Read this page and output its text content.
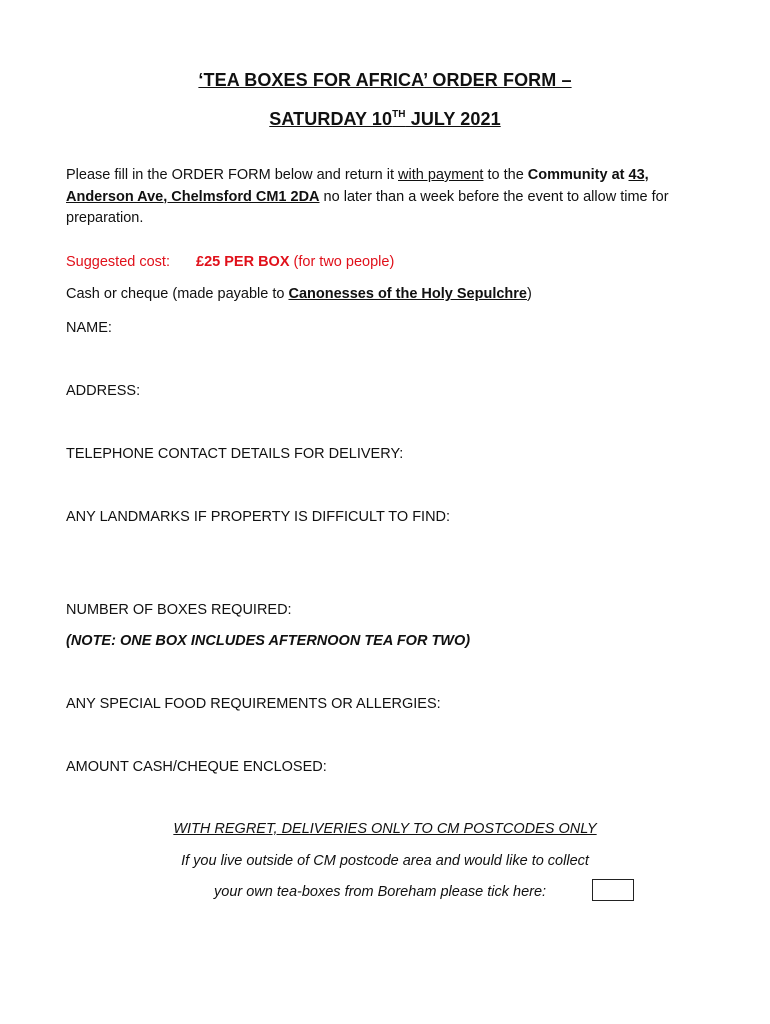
‘TEA BOXES FOR AFRICA’ ORDER FORM –
SATURDAY 10TH JULY 2021
Please fill in the ORDER FORM below and return it with payment to the Community at 43, Anderson Ave, Chelmsford CM1 2DA no later than a week before the event to allow time for preparation.
Suggested cost: £25 PER BOX (for two people)
Cash or cheque (made payable to Canonesses of the Holy Sepulchre)
NAME:
ADDRESS:
TELEPHONE CONTACT DETAILS FOR DELIVERY:
ANY LANDMARKS IF PROPERTY IS DIFFICULT TO FIND:
NUMBER OF BOXES REQUIRED:
(NOTE: ONE BOX INCLUDES AFTERNOON TEA FOR TWO)
ANY SPECIAL FOOD REQUIREMENTS OR ALLERGIES:
AMOUNT CASH/CHEQUE ENCLOSED:
WITH REGRET, DELIVERIES ONLY TO CM POSTCODES ONLY
If you live outside of CM postcode area and would like to collect
your own tea-boxes from Boreham please tick here:
